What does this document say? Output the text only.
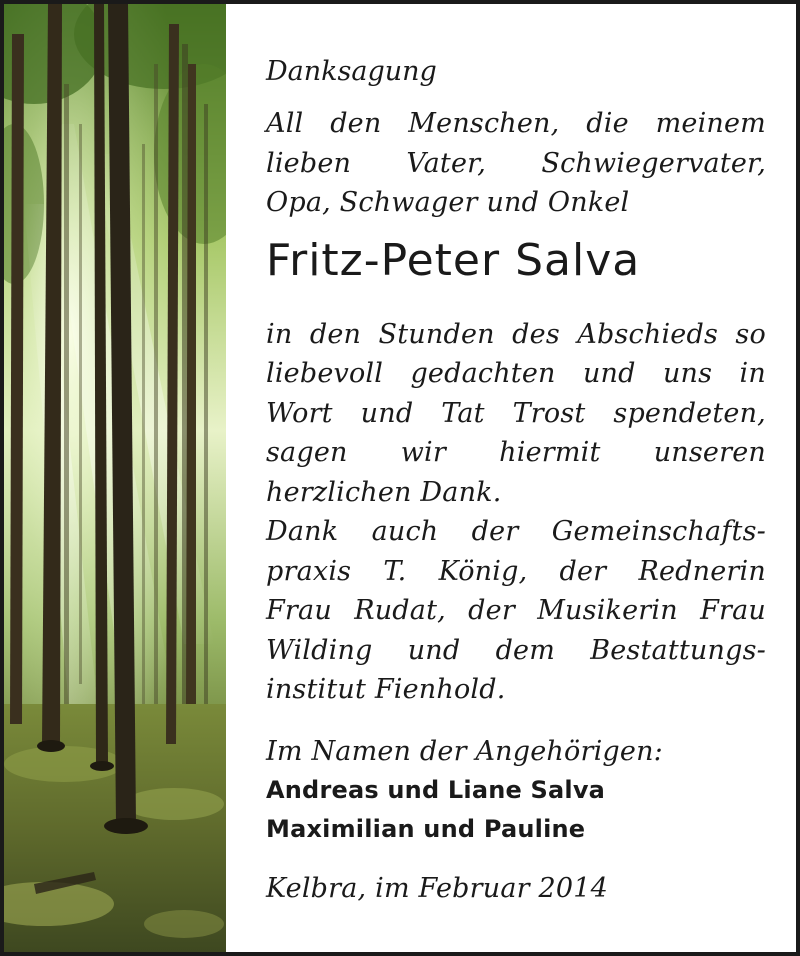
Danksagung
All den Menschen, die meinem
lieben Vater, Schwiegervater,
Opa, Schwager und Onkel
Fritz-Peter Salva
in den Stunden des Abschieds so
liebevoll gedachten und uns in
Wort und Tat Trost spendeten,
sagen wir hiermit unseren
herzlichen Dank.
Dank auch der Gemeinschafts-
praxis T. König, der Rednerin
Frau Rudat, der Musikerin Frau
Wilding und dem Bestattungs-
institut Fienhold.
Im Namen der Angehörigen:
Andreas und Liane Salva
Maximilian und Pauline
Kelbra, im Februar 2014
